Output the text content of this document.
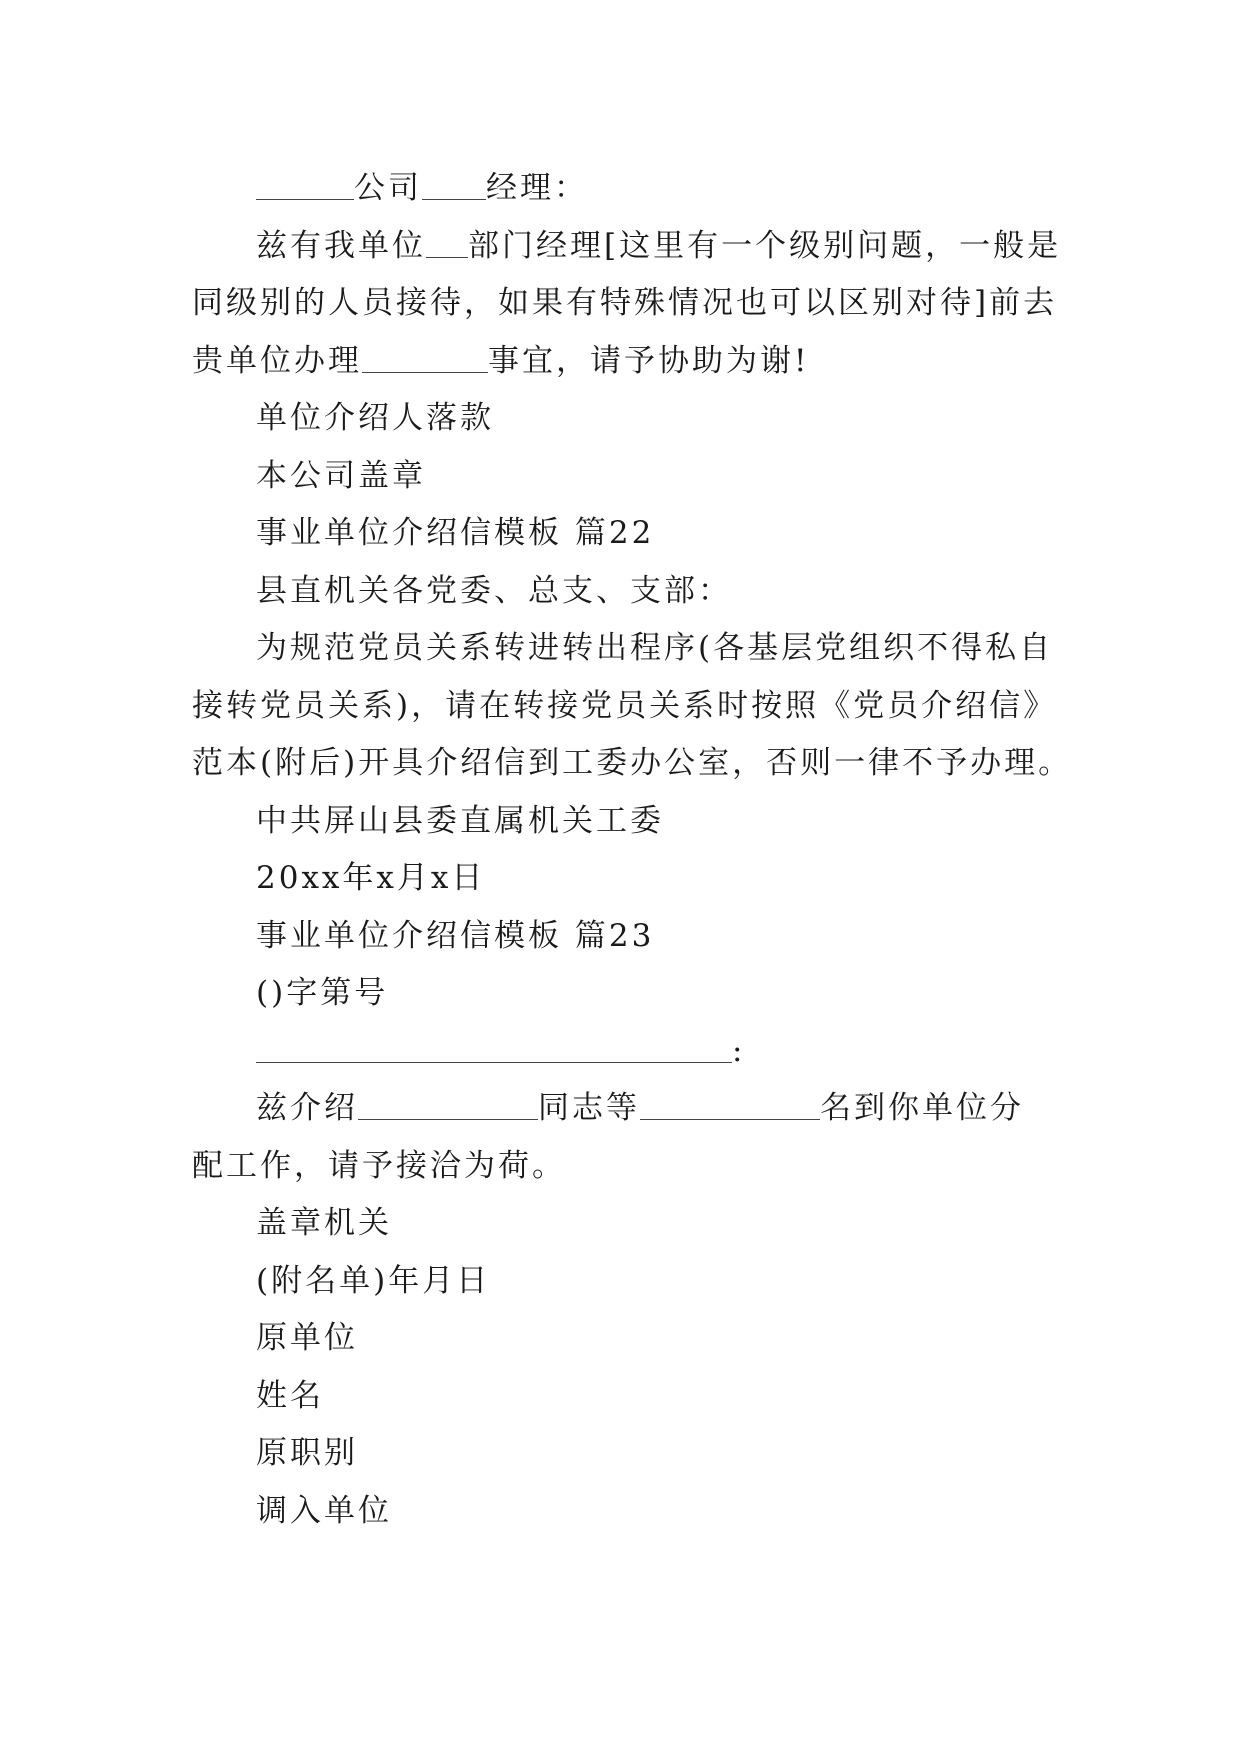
公司 经理：

兹有我单位 部门经理[这里有一个级别问题，一般是

同级别的人员接待，如果有特殊情况也可以区别对待]前去

贵单位办理	事宜，请予协助为谢!

单位介绍人落款

本公司盖章

事业单位介绍信模板 篇22

县直机关各党委、总支、支部：

为规范党员关系转进转出程序(各基层党组织不得私自

接转党员关系)，请在转接党员关系时按照《党员介绍信》

范本(附后)开具介绍信到工委办公室，否则一律不予办理。

中共屏山县委直属机关工委

20xx年x月x日

事业单位介绍信模板 篇23

()字第号

:

兹介绍	同志等	名到你单位分

配工作，请予接洽为荷。

盖章机关

(附名单)年月日

原单位

姓名

原职别

调入单位
